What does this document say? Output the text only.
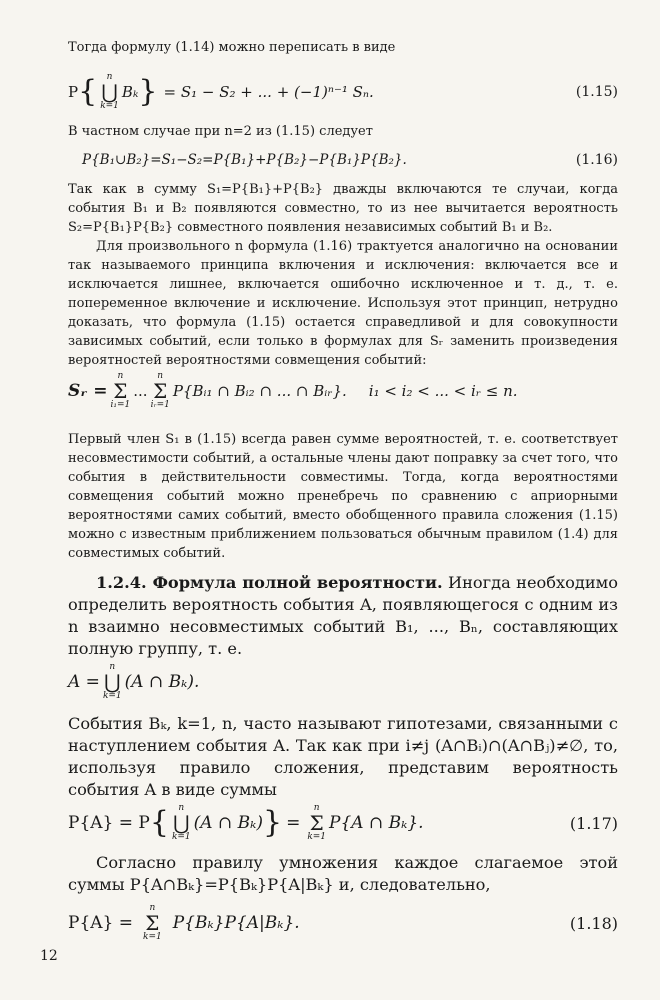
Тогда формулу (1.14) можно переписать в виде
P { n
⋃
k=1
Bₖ } = S₁ − S₂ + ... + (−1)ⁿ⁻¹ Sₙ.	(1.15)
В частном случае при n=2 из (1.15) следует
P{B₁∪B₂}=S₁−S₂=P{B₁}+P{B₂}−P{B₁}P{B₂}.	(1.16)
Так как в сумму S₁=P{B₁}+P{B₂} дважды включаются те случаи, когда события B₁ и B₂ появляются совместно, то из нее вычитается вероятность S₂=P{B₁}P{B₂} совместного появления независимых событий B₁ и B₂.
Для произвольного n формула (1.16) трактуется аналогично на основании так называемого принципа включения и исключения: включается все и исключается лишнее, включается ошибочно исключенное и т. д., т. е. попеременное включение и исключение. Используя этот принцип, нетрудно доказать, что формула (1.15) остается справедливой и для совокупности зависимых событий, если только в формулах для Sᵣ заменить произведения вероятностей вероятностями совмещения событий:
Sᵣ =
n
Σ
i₁=1
...
n
Σ
iᵣ=1
P{Bᵢ₁ ∩ Bᵢ₂ ∩ ... ∩ Bᵢᵣ}. i₁ < i₂ < ... < iᵣ ≤ n.
Первый член S₁ в (1.15) всегда равен сумме вероятностей, т. е. соответствует несовместимости событий, а остальные члены дают поправку за счет того, что события в действительности совместимы. Тогда, когда вероятностями совмещения событий можно пренебречь по сравнению с априорными вероятностями самих событий, вместо обобщенного правила сложения (1.15) можно с известным приближением пользоваться обычным правилом (1.4) для совместимых событий.
1.2.4. Формула полной вероятности. Иногда необходимо определить вероятность события A, появляющегося с одним из n взаимно несовместимых событий B₁, ..., Bₙ, составляющих полную группу, т. е.
A =
n
⋃
k=1
(A ∩ Bₖ).
События Bₖ, k=1, n, часто называют гипотезами, связанными с наступлением события A. Так как при i≠j (A∩Bᵢ)∩(A∩Bⱼ)≠∅, то, используя правило сложения, представим вероятность события A в виде суммы
P{A} = P { n
⋃
k=1
(A ∩ Bₖ) } =
n
Σ
k=1
P{A ∩ Bₖ}.	(1.17)
Согласно правилу умножения каждое слагаемое этой суммы P{A∩Bₖ}=P{Bₖ}P{A|Bₖ} и, следовательно,
P{A} =
n
Σ
k=1
P{Bₖ}P{A|Bₖ}.	(1.18)
12
